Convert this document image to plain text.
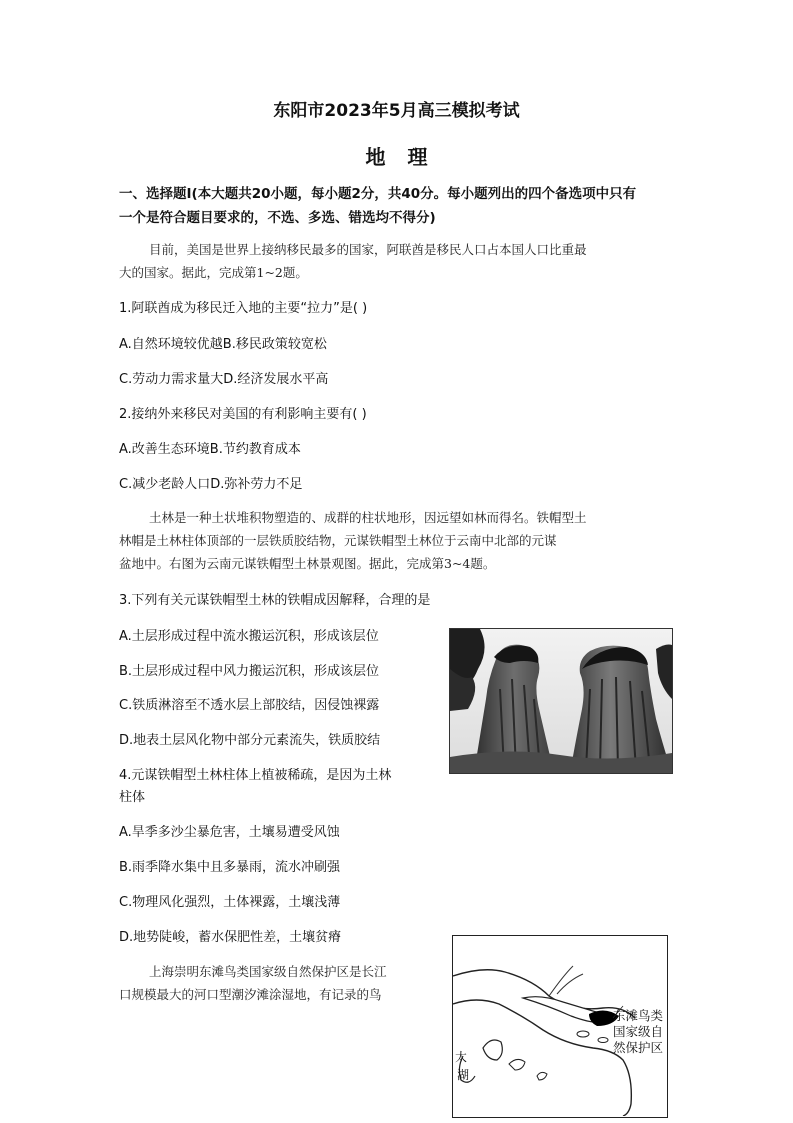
东阳市2023年5月高三模拟考试
地理
一、选择题Ⅰ(本大题共20小题，每小题2分，共40分。每小题列出的四个备选项中只有
一个是符合题目要求的，不选、多选、错选均不得分)
目前，美国是世界上接纳移民最多的国家，阿联酋是移民人口占本国人口比重最
大的国家。据此，完成第1~2题。
1.阿联酋成为移民迁入地的主要“拉力”是( )
A.自然环境较优越B.移民政策较宽松
C.劳动力需求量大D.经济发展水平高
2.接纳外来移民对美国的有利影响主要有( )
A.改善生态环境B.节约教育成本
C.减少老龄人口D.弥补劳力不足
土林是一种土状堆积物塑造的、成群的柱状地形，因远望如林而得名。铁帽型土
林帽是土林柱体顶部的一层铁质胶结物，元谋铁帽型土林位于云南中北部的元谋
盆地中。右图为云南元谋铁帽型土林景观图。据此，完成第3~4题。
3.下列有关元谋铁帽型土林的铁帽成因解释，合理的是
A.土层形成过程中流水搬运沉积，形成该层位
B.土层形成过程中风力搬运沉积，形成该层位
C.铁质淋溶至不透水层上部胶结，因侵蚀裸露
D.地表土层风化物中部分元素流失，铁质胶结
4.元谋铁帽型土林柱体上植被稀疏，是因为土林
柱体
A.旱季多沙尘暴危害，土壤易遭受风蚀
B.雨季降水集中且多暴雨，流水冲刷强
C.物理风化强烈，土体裸露，土壤浅薄
D.地势陡峻，蓄水保肥性差，土壤贫瘠
上海崇明东滩鸟类国家级自然保护区是长江
口规模最大的河口型潮汐滩涂湿地，有记录的鸟
东滩鸟类
国家级自
然保护区
太
湖
